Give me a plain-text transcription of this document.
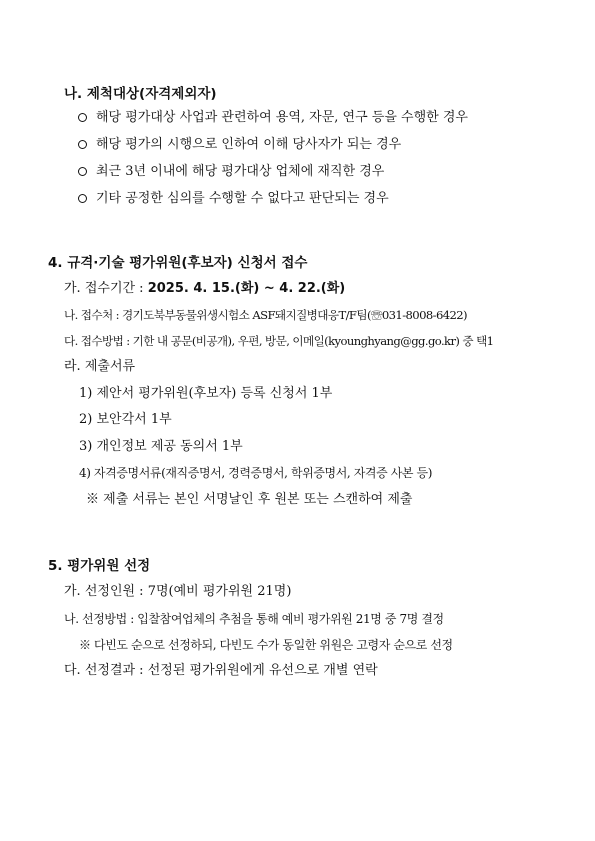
나. 제척대상(자격제외자)
해당 평가대상 사업과 관련하여 용역, 자문, 연구 등을 수행한 경우
해당 평가의 시행으로 인하여 이해 당사자가 되는 경우
최근 3년 이내에 해당 평가대상 업체에 재직한 경우
기타 공정한 심의를 수행할 수 없다고 판단되는 경우
4. 규격·기술 평가위원(후보자) 신청서 접수
가. 접수기간 : 2025. 4. 15.(화) ~ 4. 22.(화)
나. 접수처 : 경기도북부동물위생시험소 ASF돼지질병대응T/F팀(☏031-8008-6422)
다. 접수방법 : 기한 내 공문(비공개), 우편, 방문, 이메일(kyounghyang@gg.go.kr) 중 택1
라. 제출서류
1) 제안서 평가위원(후보자) 등록 신청서 1부
2) 보안각서 1부
3) 개인정보 제공 동의서 1부
4) 자격증명서류(재직증명서, 경력증명서, 학위증명서, 자격증 사본 등)
※ 제출 서류는 본인 서명날인 후 원본 또는 스캔하여 제출
5. 평가위원 선정
가. 선정인원 : 7명(예비 평가위원 21명)
나. 선정방법 : 입찰참여업체의 추첨을 통해 예비 평가위원 21명 중 7명 결정
※ 다빈도 순으로 선정하되, 다빈도 수가 동일한 위원은 고령자 순으로 선정
다. 선정결과 : 선정된 평가위원에게 유선으로 개별 연락
